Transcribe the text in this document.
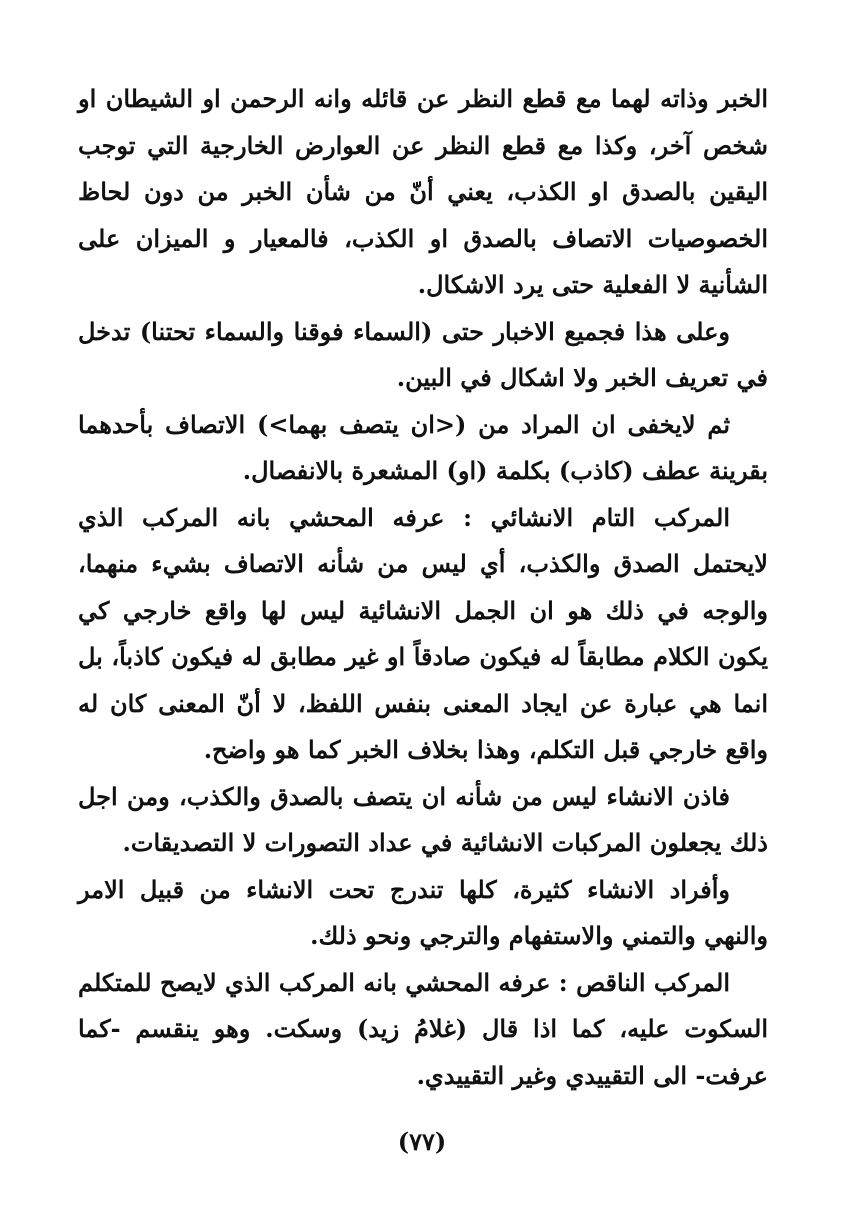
الخبر وذاته لهما مع قطع النظر عن قائله وانه الرحمن او الشيطان او شخص آخر، وكذا مع قطع النظر عن العوارض الخارجية التي توجب اليقين بالصدق او الكذب، يعني أنّ من شأن الخبر من دون لحاظ الخصوصيات الاتصاف بالصدق او الكذب، فالمعيار و الميزان على الشأنية لا الفعلية حتى يرد الاشكال.

وعلى هذا فجميع الاخبار حتى (السماء فوقنا والسماء تحتنا) تدخل في تعريف الخبر ولا اشكال في البين.

ثم لايخفى ان المراد من (<ان يتصف بهما>) الاتصاف بأحدهما بقرينة عطف (كاذب) بكلمة (او) المشعرة بالانفصال.

المركب التام الانشائي : عرفه المحشي بانه المركب الذي لايحتمل الصدق والكذب، أي ليس من شأنه الاتصاف بشيء منهما، والوجه في ذلك هو ان الجمل الانشائية ليس لها واقع خارجي كي يكون الكلام مطابقاً له فيكون صادقاً او غير مطابق له فيكون كاذباً، بل انما هي عبارة عن ايجاد المعنى بنفس اللفظ، لا أنّ المعنى كان له واقع خارجي قبل التكلم، وهذا بخلاف الخبر كما هو واضح.

فاذن الانشاء ليس من شأنه ان يتصف بالصدق والكذب، ومن اجل ذلك يجعلون المركبات الانشائية في عداد التصورات لا التصديقات.

وأفراد الانشاء كثيرة، كلها تندرج تحت الانشاء من قبيل الامر والنهي والتمني والاستفهام والترجي ونحو ذلك.

المركب الناقص : عرفه المحشي بانه المركب الذي لايصح للمتكلم السكوت عليه، كما اذا قال (غلامُ زيد) وسكت. وهو ينقسم -كما عرفت- الى التقييدي وغير التقييدي.

(٧٧)
